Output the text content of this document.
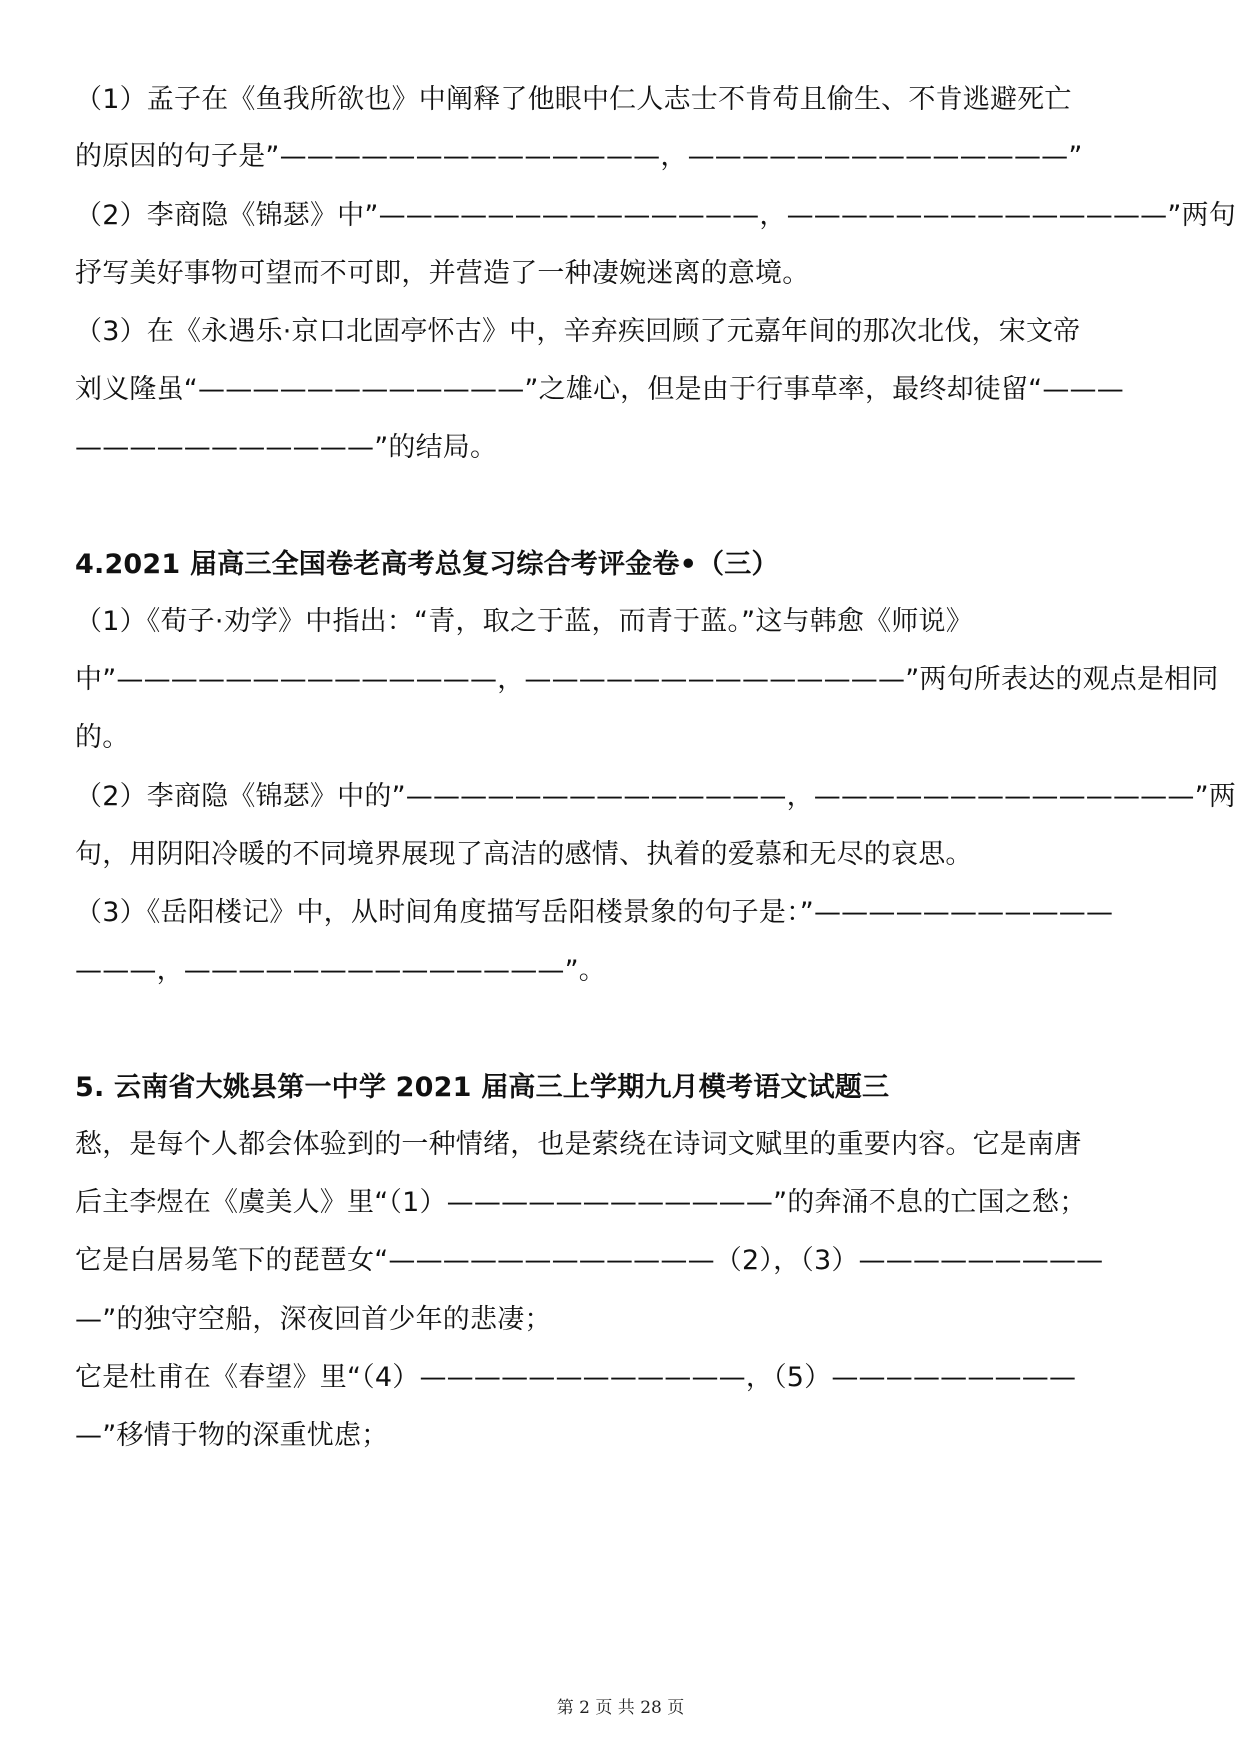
（1）孟子在《鱼我所欲也》中阐释了他眼中仁人志士不肯苟且偷生、不肯逃避死亡
的原因的句子是”——————————————，——————————————”
（2）李商隐《锦瑟》中”——————————————，——————————————”两句
抒写美好事物可望而不可即，并营造了一种凄婉迷离的意境。
（3）在《永遇乐·京口北固亭怀古》中，辛弃疾回顾了元嘉年间的那次北伐，宋文帝
刘义隆虽“————————————”之雄心，但是由于行事草率，最终却徒留“———
———————————”的结局。
4.2021 届高三全国卷老高考总复习综合考评金卷•（三）
（1）《荀子·劝学》中指出：“青，取之于蓝，而青于蓝。”这与韩愈《师说》
中”——————————————，——————————————”两句所表达的观点是相同
的。
（2）李商隐《锦瑟》中的”——————————————，——————————————”两
句，用阴阳冷暖的不同境界展现了高洁的感情、执着的爱慕和无尽的哀思。
（3）《岳阳楼记》中，从时间角度描写岳阳楼景象的句子是：”———————————
———，——————————————”。
5. 云南省大姚县第一中学 2021 届高三上学期九月模考语文试题三
愁，是每个人都会体验到的一种情绪，也是萦绕在诗词文赋里的重要内容。它是南唐
后主李煜在《虞美人》里“（1）————————————”的奔涌不息的亡国之愁；
它是白居易笔下的琵琶女“————————————（2），（3）—————————
—”的独守空船，深夜回首少年的悲凄；
它是杜甫在《春望》里“（4）————————————，（5）—————————
—”移情于物的深重忧虑；
第 2 页 共 28 页
